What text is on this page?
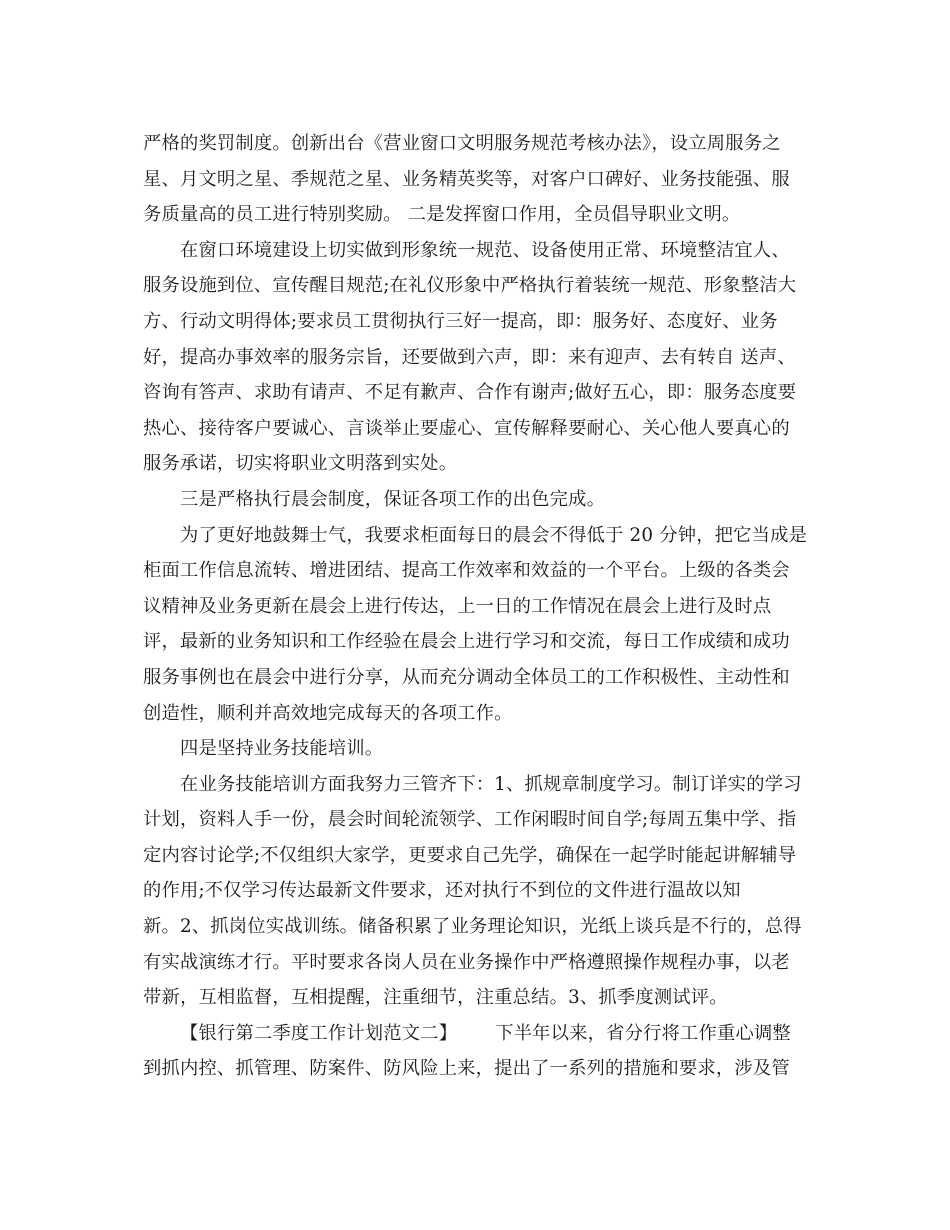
严格的奖罚制度。创新出台《营业窗口文明服务规范考核办法》，设立周服务之
星、月文明之星、季规范之星、业务精英奖等，对客户口碑好、业务技能强、服
务质量高的员工进行特别奖励。 二是发挥窗口作用，全员倡导职业文明。
在窗口环境建设上切实做到形象统一规范、设备使用正常、环境整洁宜人、
服务设施到位、宣传醒目规范;在礼仪形象中严格执行着装统一规范、形象整洁大
方、行动文明得体;要求员工贯彻执行三好一提高，即：服务好、态度好、业务
好，提高办事效率的服务宗旨，还要做到六声，即：来有迎声、去有转自 送声、
咨询有答声、求助有请声、不足有歉声、合作有谢声;做好五心，即：服务态度要
热心、接待客户要诚心、言谈举止要虚心、宣传解释要耐心、关心他人要真心的
服务承诺，切实将职业文明落到实处。
三是严格执行晨会制度，保证各项工作的出色完成。
为了更好地鼓舞士气，我要求柜面每日的晨会不得低于 20 分钟，把它当成是
柜面工作信息流转、增进团结、提高工作效率和效益的一个平台。上级的各类会
议精神及业务更新在晨会上进行传达，上一日的工作情况在晨会上进行及时点
评，最新的业务知识和工作经验在晨会上进行学习和交流，每日工作成绩和成功
服务事例也在晨会中进行分享，从而充分调动全体员工的工作积极性、主动性和
创造性，顺利并高效地完成每天的各项工作。
四是坚持业务技能培训。
在业务技能培训方面我努力三管齐下：1、抓规章制度学习。制订详实的学习
计划，资料人手一份，晨会时间轮流领学、工作闲暇时间自学;每周五集中学、指
定内容讨论学;不仅组织大家学，更要求自己先学，确保在一起学时能起讲解辅导
的作用;不仅学习传达最新文件要求，还对执行不到位的文件进行温故以知
新。2、抓岗位实战训练。储备积累了业务理论知识，光纸上谈兵是不行的，总得
有实战演练才行。平时要求各岗人员在业务操作中严格遵照操作规程办事，以老
带新，互相监督，互相提醒，注重细节，注重总结。3、抓季度测试评。
【银行第二季度工作计划范文二】 下半年以来，省分行将工作重心调整
到抓内控、抓管理、防案件、防风险上来，提出了一系列的措施和要求，涉及管
